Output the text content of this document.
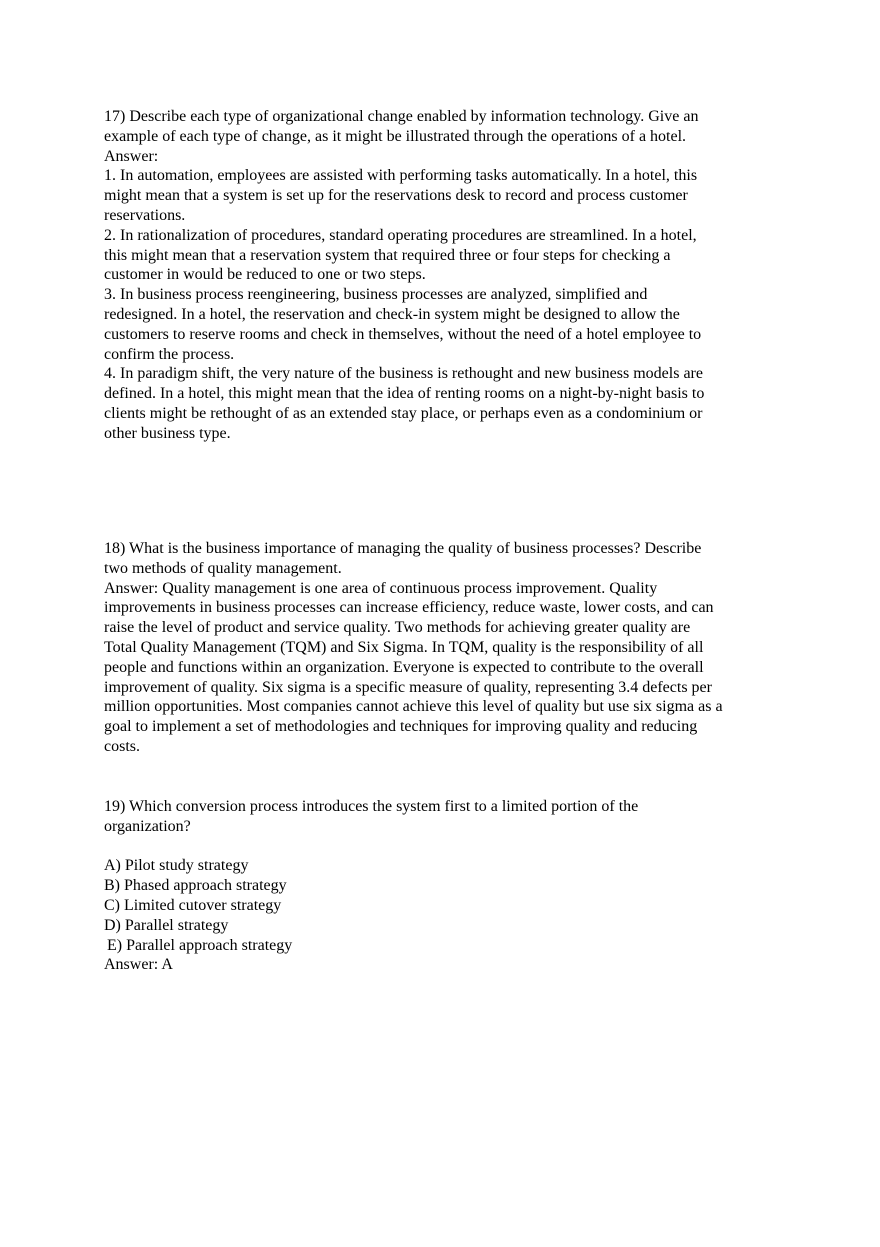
17) Describe each type of organizational change enabled by information technology. Give an
example of each type of change, as it might be illustrated through the operations of a hotel.
Answer:
1. In automation, employees are assisted with performing tasks automatically. In a hotel, this
might mean that a system is set up for the reservations desk to record and process customer
reservations.
2. In rationalization of procedures, standard operating procedures are streamlined. In a hotel,
this might mean that a reservation system that required three or four steps for checking a
customer in would be reduced to one or two steps.
3. In business process reengineering, business processes are analyzed, simplified and
redesigned. In a hotel, the reservation and check-in system might be designed to allow the
customers to reserve rooms and check in themselves, without the need of a hotel employee to
confirm the process.
4. In paradigm shift, the very nature of the business is rethought and new business models are
defined. In a hotel, this might mean that the idea of renting rooms on a night-by-night basis to
clients might be rethought of as an extended stay place, or perhaps even as a condominium or
other business type.
18) What is the business importance of managing the quality of business processes? Describe
two methods of quality management.
Answer: Quality management is one area of continuous process improvement. Quality
improvements in business processes can increase efficiency, reduce waste, lower costs, and can
raise the level of product and service quality. Two methods for achieving greater quality are
Total Quality Management (TQM) and Six Sigma. In TQM, quality is the responsibility of all
people and functions within an organization. Everyone is expected to contribute to the overall
improvement of quality. Six sigma is a specific measure of quality, representing 3.4 defects per
million opportunities. Most companies cannot achieve this level of quality but use six sigma as a
goal to implement a set of methodologies and techniques for improving quality and reducing
costs.
19) Which conversion process introduces the system first to a limited portion of the
organization?
A) Pilot study strategy
B) Phased approach strategy
C) Limited cutover strategy
D) Parallel strategy
E) Parallel approach strategy
Answer: A
